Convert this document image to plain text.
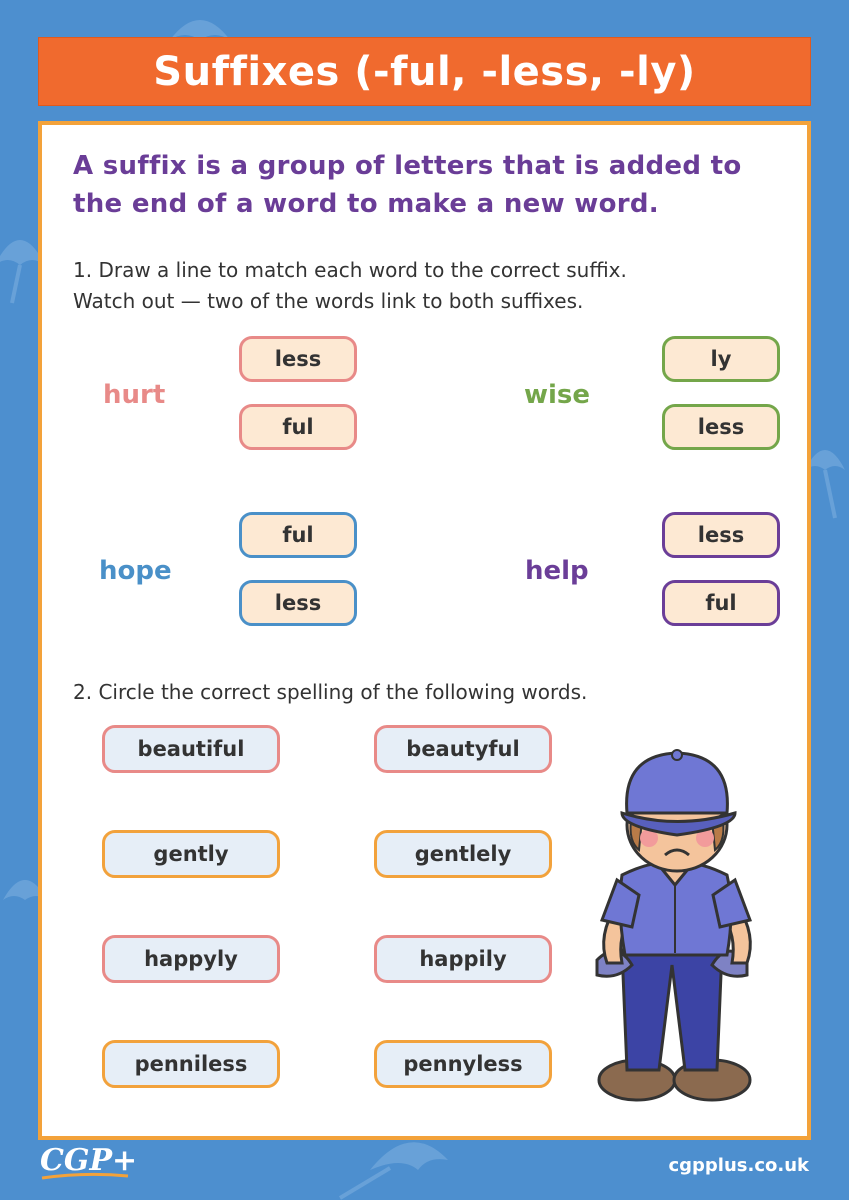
Suffixes (-ful, -less, -ly)
A suffix is a group of letters that is added to the end of a word to make a new word.
1. Draw a line to match each word to the correct suffix.
Watch out — two of the words link to both suffixes.
hurt
less
ful
wise
ly
less
hope
ful
less
help
less
ful
2. Circle the correct spelling of the following words.
beautiful	beautyful
gently	gentlely
happyly	happily
penniless	pennyless
CGP+	cgpplus.co.uk
